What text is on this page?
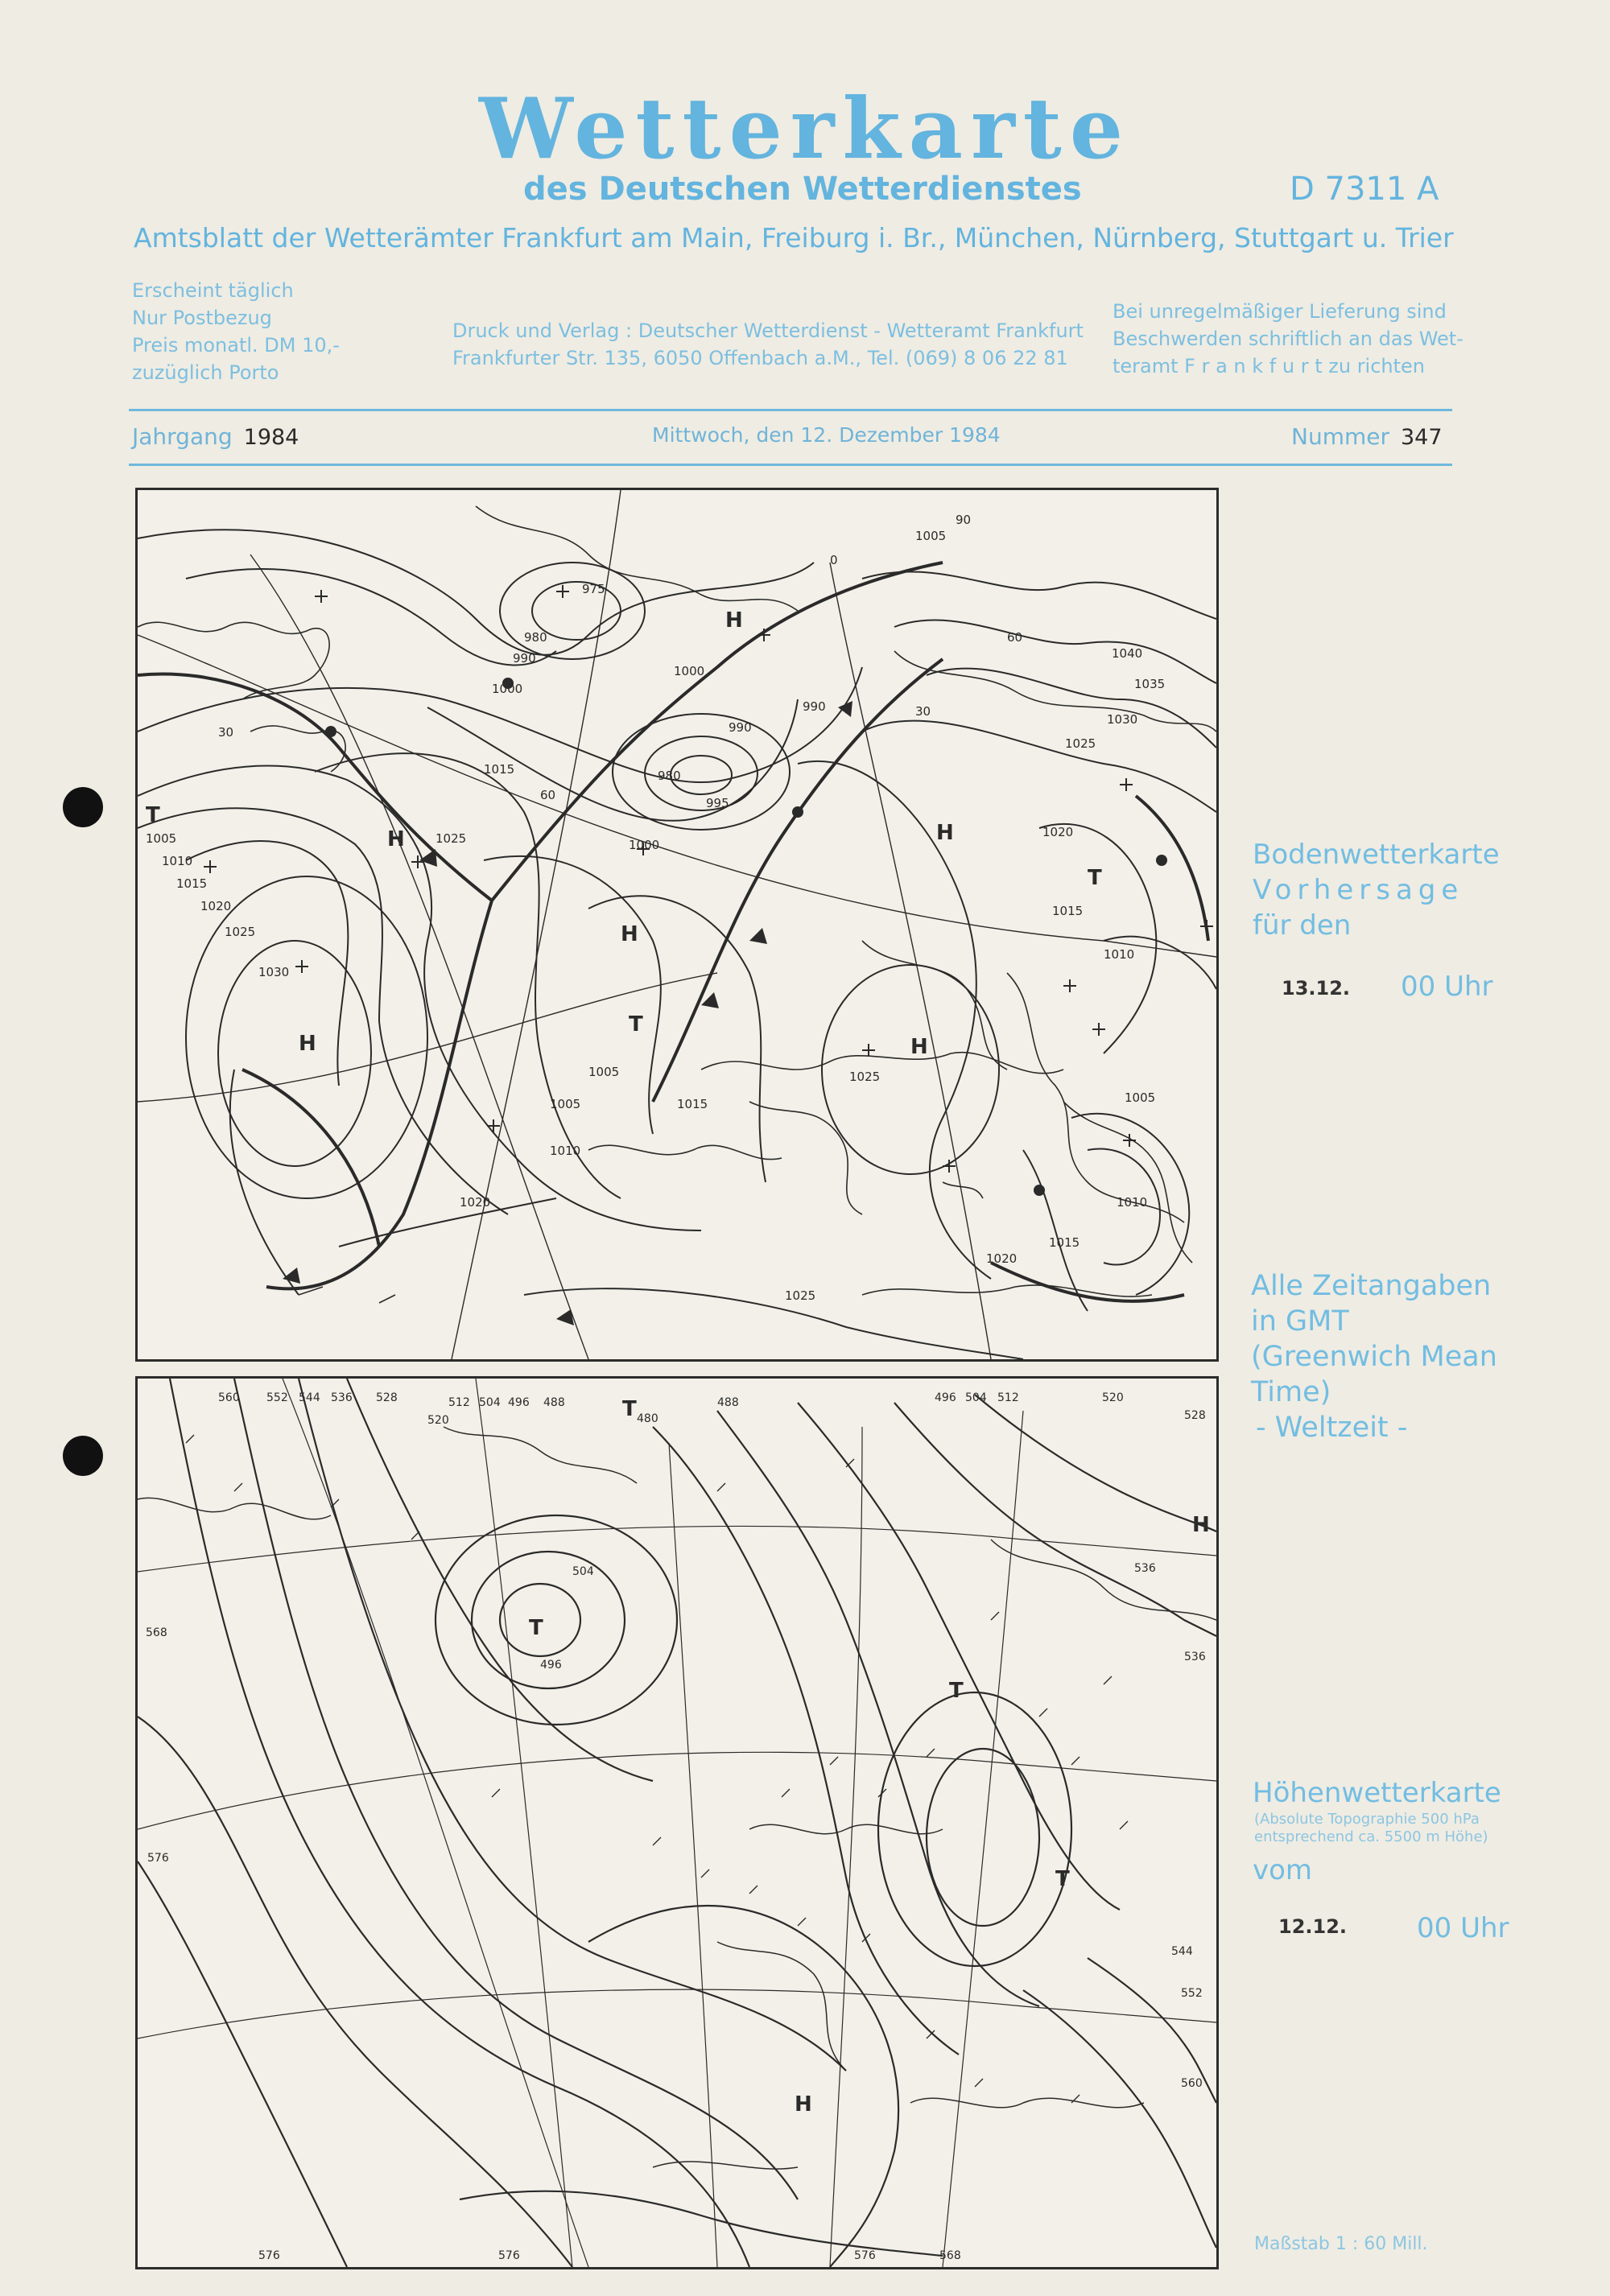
Wetterkarte
des Deutschen Wetterdienstes	D 7311 A
Amtsblatt der Wetterämter Frankfurt am Main, Freiburg i. Br., München, Nürnberg, Stuttgart u. Trier
Erscheint täglich
Nur Postbezug
Preis monatl. DM 10,-
zuzüglich Porto
Druck und Verlag : Deutscher Wetterdienst - Wetteramt Frankfurt
Frankfurter Str. 135, 6050 Offenbach a.M., Tel. (069) 8 06 22 81
Bei unregelmäßiger Lieferung sind
Beschwerden schriftlich an das Wet-
teramt F r a n k f u r t zu richten
Jahrgang 1984	Mittwoch, den 12. Dezember 1984	Nummer 347
T
H
H
H
H
H
T
H
T
1005
975
980
990
1000
1000
990
980
995
1040
1035
1030
1025
1015
1000
1005
1010
1015
1020
1025
1030
1025	1020
1015
1010
1005
1010
1015
1020
1025
1005
1005	1015
1010
1020
1025
990
30
60
60
90
0
30
T
T
T
T
H
H
560 552 544 536 528
520
512 504 496 488
480
488	496 504 512	520
528
568
504
496
536
536
576
544
552
560
576	576	576	568
Bodenwetterkarte
Vorhersage
für den
13.12. 00 Uhr
Alle Zeitangaben
in GMT
(Greenwich Mean
Time)
- Weltzeit -
Höhenwetterkarte
(Absolute Topographie 500 hPa
entsprechend ca. 5500 m Höhe)
vom
12.12.	00 Uhr
Maßstab 1 : 60 Mill.
